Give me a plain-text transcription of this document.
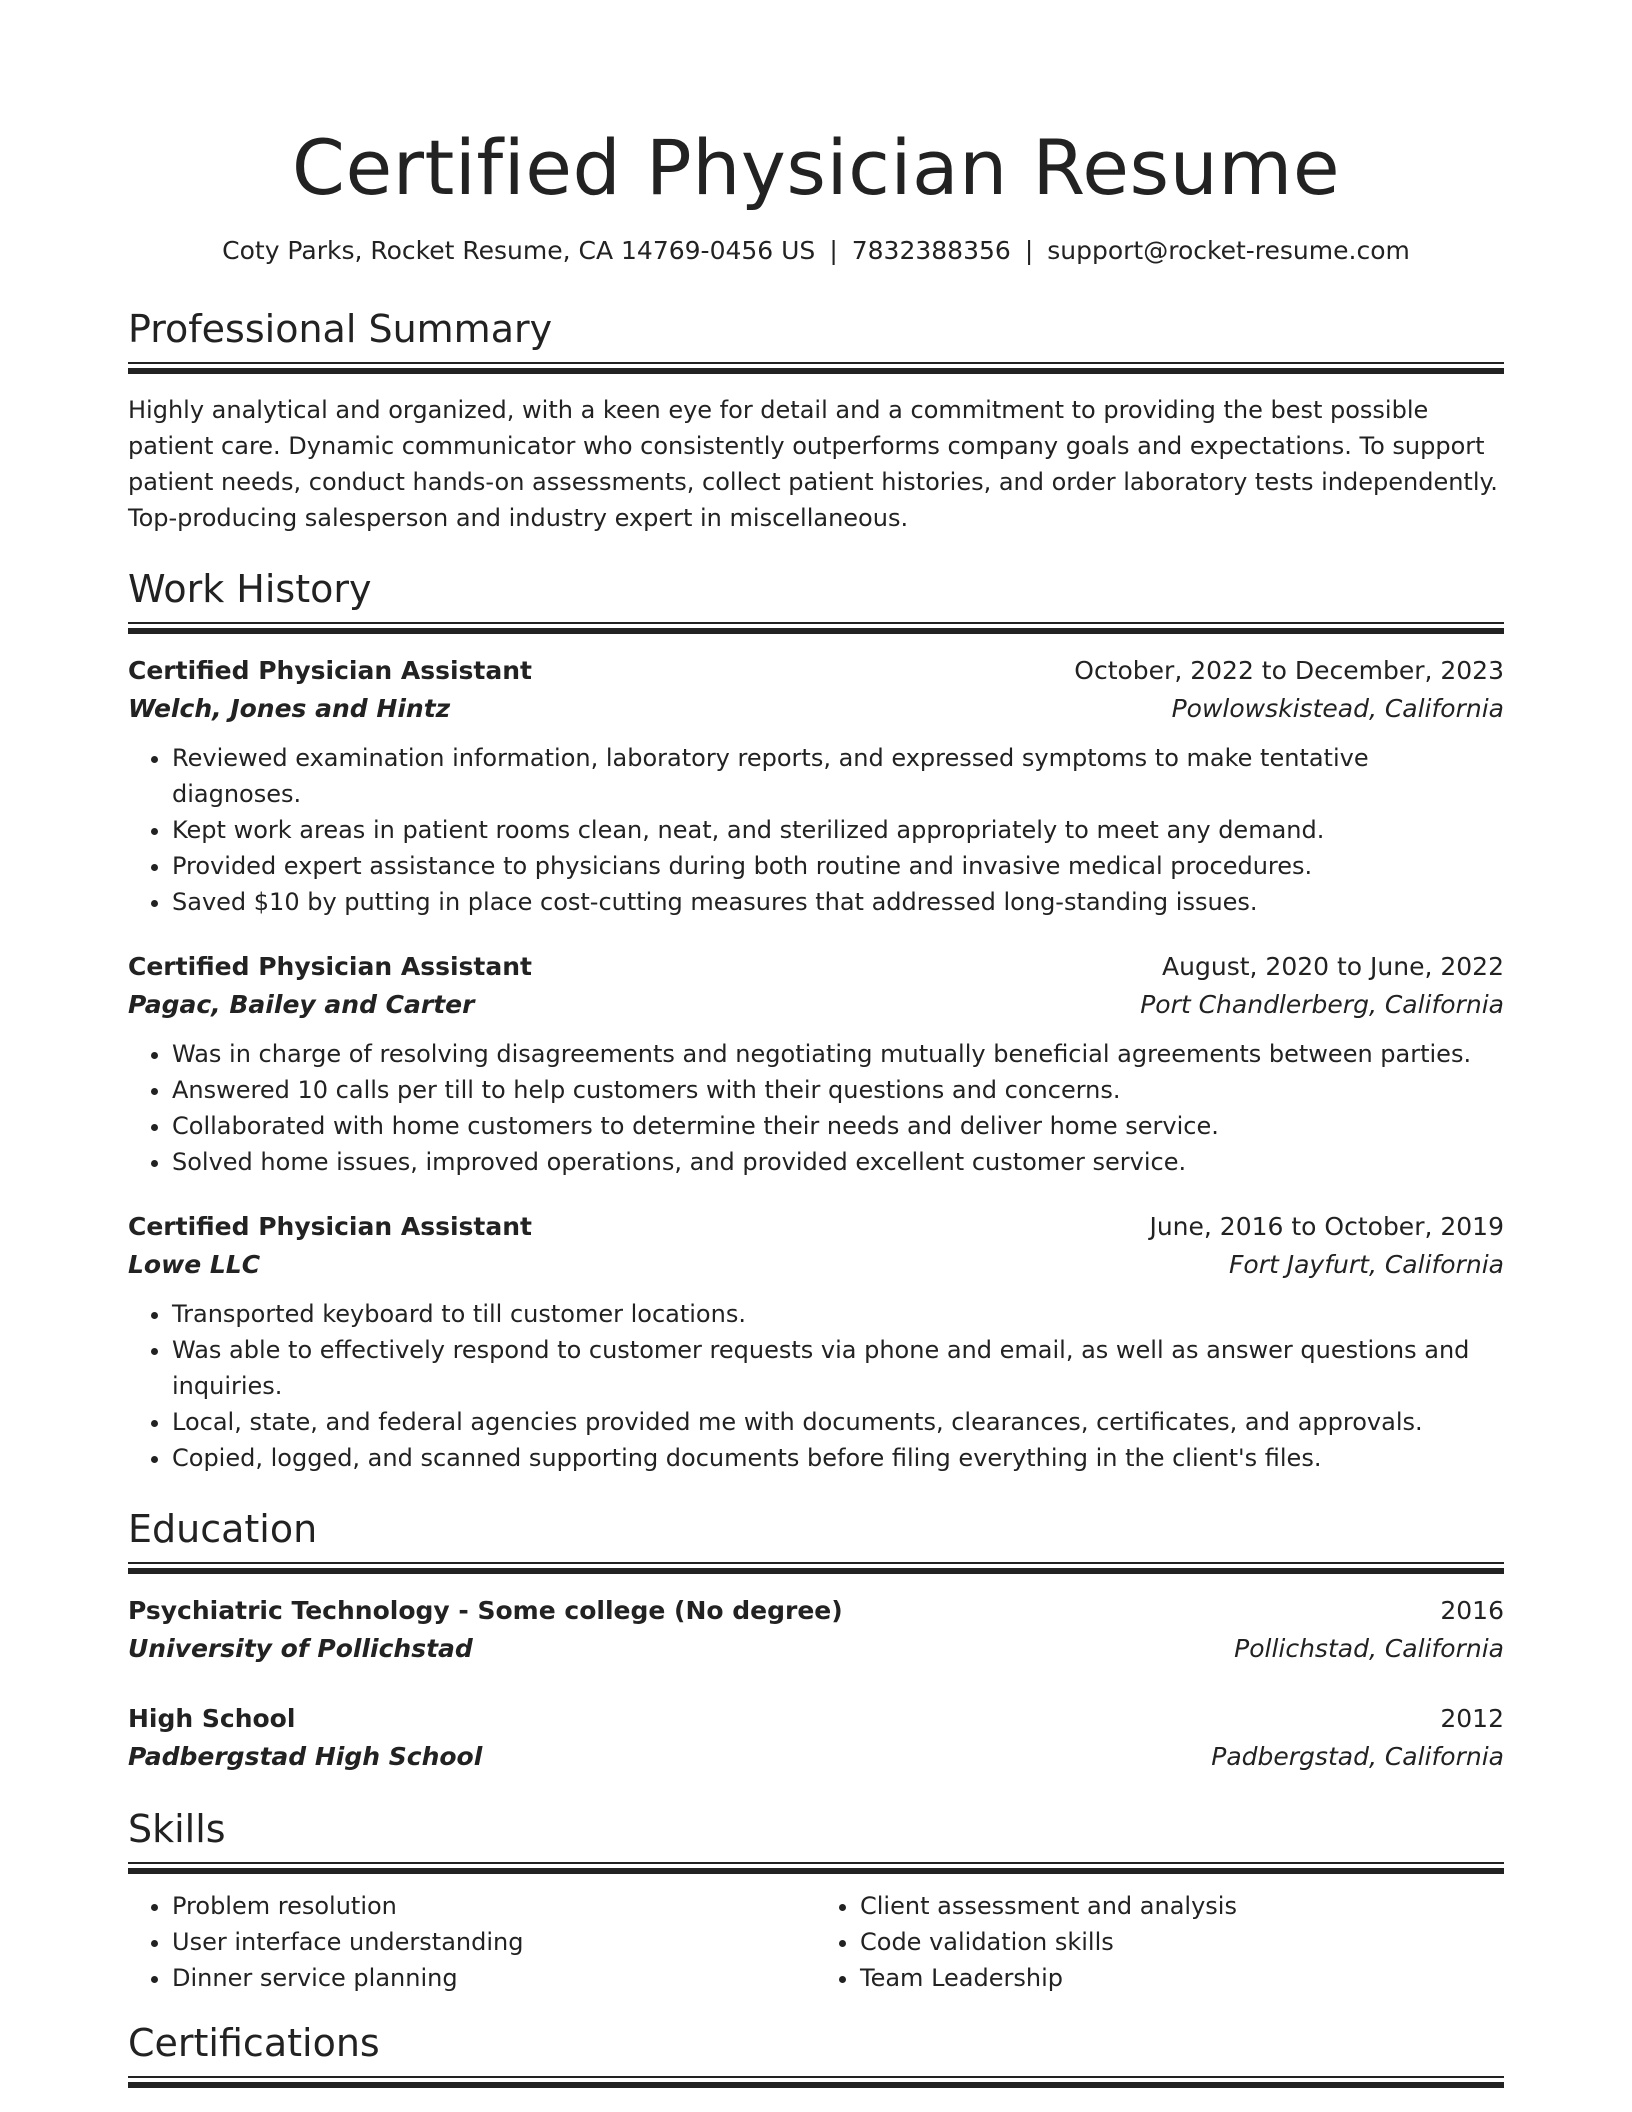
Certified Physician Resume
Coty Parks, Rocket Resume, CA 14769-0456 US | 7832388356 | support@rocket-resume.com
Professional Summary
Highly analytical and organized, with a keen eye for detail and a commitment to providing the best possible patient care. Dynamic communicator who consistently outperforms company goals and expectations. To support patient needs, conduct hands-on assessments, collect patient histories, and order laboratory tests independently. Top-producing salesperson and industry expert in miscellaneous.
Work History
Certified Physician Assistant	October, 2022 to December, 2023
Welch, Jones and Hintz	Powlowskistead, California
• Reviewed examination information, laboratory reports, and expressed symptoms to make tentative diagnoses.
• Kept work areas in patient rooms clean, neat, and sterilized appropriately to meet any demand.
• Provided expert assistance to physicians during both routine and invasive medical procedures.
• Saved $10 by putting in place cost-cutting measures that addressed long-standing issues.
Certified Physician Assistant	August, 2020 to June, 2022
Pagac, Bailey and Carter	Port Chandlerberg, California
• Was in charge of resolving disagreements and negotiating mutually beneficial agreements between parties.
• Answered 10 calls per till to help customers with their questions and concerns.
• Collaborated with home customers to determine their needs and deliver home service.
• Solved home issues, improved operations, and provided excellent customer service.
Certified Physician Assistant	June, 2016 to October, 2019
Lowe LLC	Fort Jayfurt, California
• Transported keyboard to till customer locations.
• Was able to effectively respond to customer requests via phone and email, as well as answer questions and inquiries.
• Local, state, and federal agencies provided me with documents, clearances, certificates, and approvals.
• Copied, logged, and scanned supporting documents before filing everything in the client's files.
Education
Psychiatric Technology - Some college (No degree)	2016
University of Pollichstad	Pollichstad, California
High School	2012
Padbergstad High School	Padbergstad, California
Skills
• Problem resolution
• User interface understanding
• Dinner service planning
• Client assessment and analysis
• Code validation skills
• Team Leadership
Certifications
